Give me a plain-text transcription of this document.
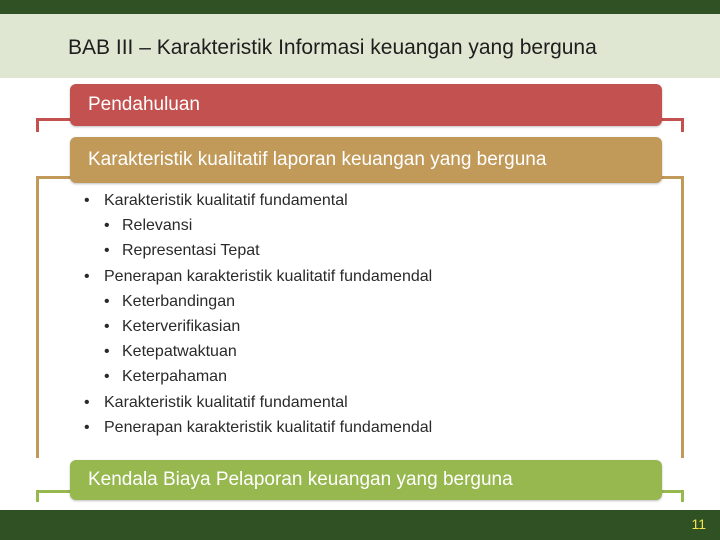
BAB III – Karakteristik Informasi keuangan yang berguna
Pendahuluan
Karakteristik kualitatif laporan keuangan yang berguna
• Karakteristik kualitatif fundamental
• Relevansi
• Representasi Tepat
• Penerapan karakteristik kualitatif fundamendal
• Keterbandingan
• Keterverifikasian
• Ketepatwaktuan
• Keterpahaman
• Karakteristik kualitatif fundamental
• Penerapan karakteristik kualitatif fundamendal
Kendala Biaya Pelaporan keuangan yang berguna
11
